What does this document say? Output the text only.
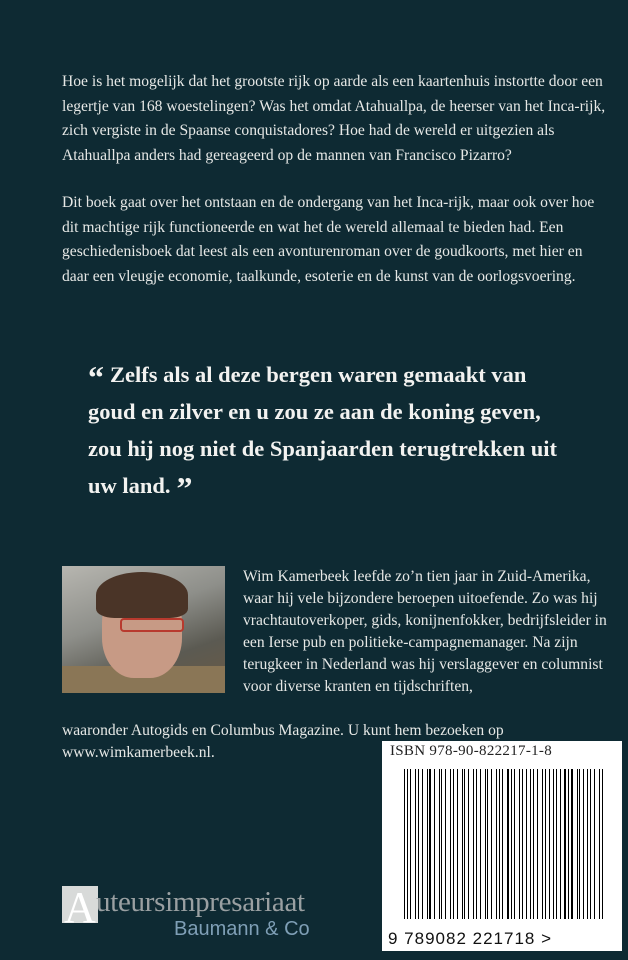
Hoe is het mogelijk dat het grootste rijk op aarde als een kaartenhuis instortte door een legertje van 168 woestelingen? Was het omdat Atahuallpa, de heerser van het Inca-rijk, zich vergiste in de Spaanse conquistadores? Hoe had de wereld er uitgezien als Atahuallpa anders had gereageerd op de mannen van Francisco Pizarro?

Dit boek gaat over het ontstaan en de ondergang van het Inca-rijk, maar ook over hoe dit machtige rijk functioneerde en wat het de wereld allemaal te bieden had. Een geschiedenisboek dat leest als een avonturenroman over de goudkoorts, met hier en daar een vleugje economie, taalkunde, esoterie en de kunst van de oorlogsvoering.

“ Zelfs als al deze bergen waren gemaakt van goud en zilver en u zou ze aan de koning geven, zou hij nog niet de Spanjaarden terugtrekken uit uw land. ”
Wim Kamerbeek leefde zo’n tien jaar in Zuid-Amerika, waar hij vele bijzondere beroepen uitoefende. Zo was hij vrachtautoverkoper, gids, konijnenfokker, bedrijfsleider in een Ierse pub en politieke-campagnemanager. Na zijn terugkeer in Nederland was hij verslaggever en columnist voor diverse kranten en tijdschriften,
waaronder Autogids en Columbus Magazine. U kunt hem bezoeken op www.wimkamerbeek.nl.	ISBN 978-90-822217-1-8
9 789082 221718 >
A uteursimpresariaat
Baumann & Co
